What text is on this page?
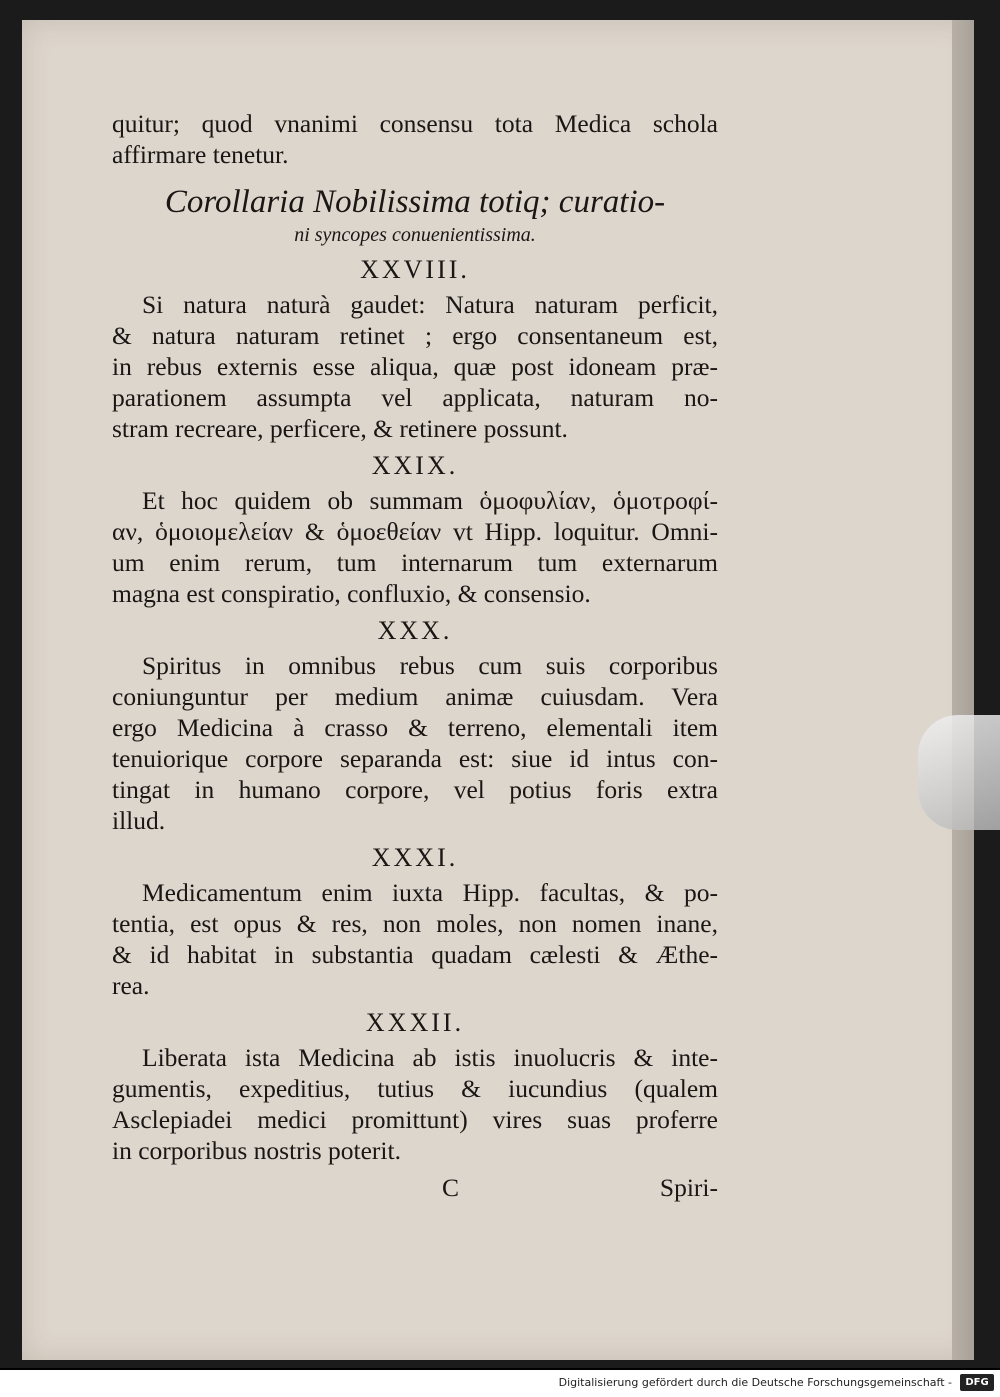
quitur; quod vnanimi consensu tota Medica schola
affirmare tenetur.
Corollaria Nobilissima totiq; curatio-
ni syncopes conuenientissima.
XXVIII.
Si natura naturà gaudet: Natura naturam perficit,
& natura naturam retinet ; ergo consentaneum est,
in rebus externis esse aliqua, quæ post idoneam præ-
parationem assumpta vel applicata, naturam no-
stram recreare, perficere, & retinere possunt.
XXIX.
Et hoc quidem ob summam ὁμοφυλίαν, ὁμοτροφί-
αν, ὁμοιομελείαν & ὁμοεθείαν vt Hipp. loquitur. Omni-
um enim rerum, tum internarum tum externarum
magna est conspiratio, confluxio, & consensio.
XXX.
Spiritus in omnibus rebus cum suis corporibus
coniunguntur per medium animæ cuiusdam. Vera
ergo Medicina à crasso & terreno, elementali item
tenuiorique corpore separanda est: siue id intus con-
tingat in humano corpore, vel potius foris extra
illud.
XXXI.
Medicamentum enim iuxta Hipp. facultas, & po-
tentia, est opus & res, non moles, non nomen inane,
& id habitat in substantia quadam cælesti & Æthe-
rea.
XXXII.
Liberata ista Medicina ab istis inuolucris & inte-
gumentis, expeditius, tutius & iucundius (qualem
Asclepiadei medici promittunt) vires suas proferre
in corporibus nostris poterit.
C	Spiri-
Digitalisierung gefördert durch die Deutsche Forschungsgemeinschaft -	DFG
